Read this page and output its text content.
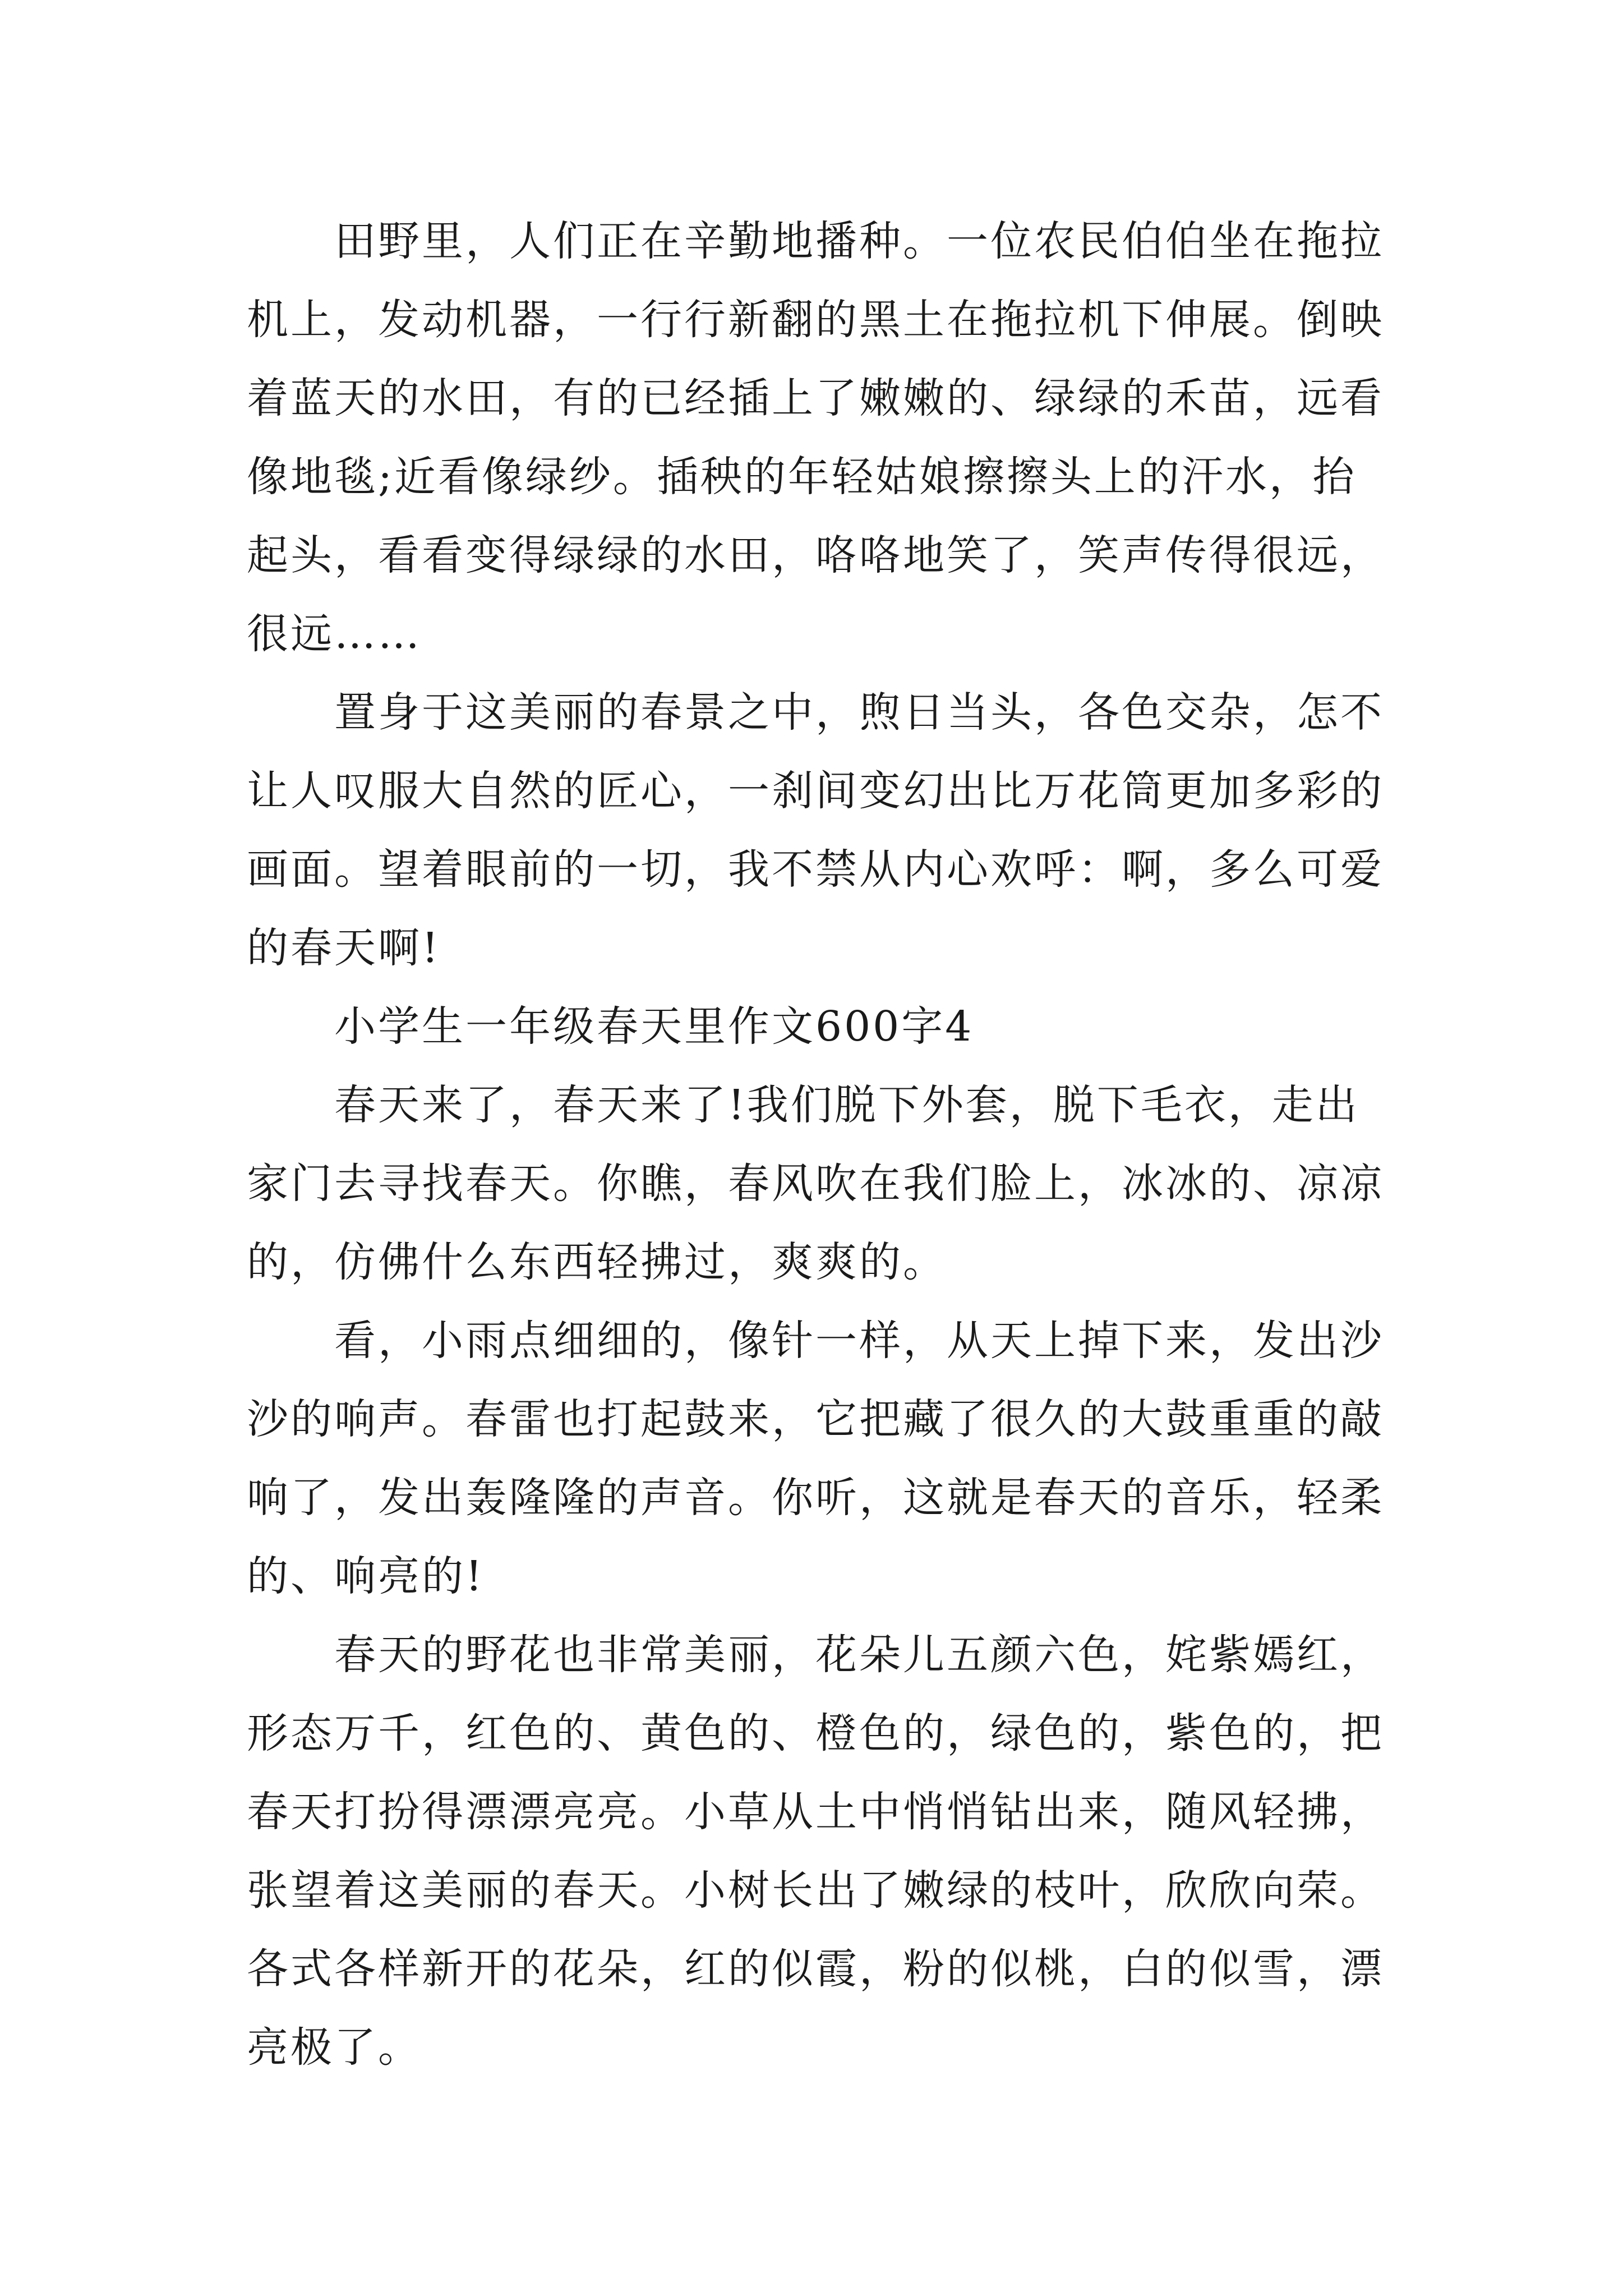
田野里，人们正在辛勤地播种。一位农民伯伯坐在拖拉
机上，发动机器，一行行新翻的黑土在拖拉机下伸展。倒映
着蓝天的水田，有的已经插上了嫩嫩的、绿绿的禾苗，远看
像地毯;近看像绿纱。插秧的年轻姑娘擦擦头上的汗水，抬
起头，看看变得绿绿的水田，咯咯地笑了，笑声传得很远，
很远……
置身于这美丽的春景之中，煦日当头，各色交杂，怎不
让人叹服大自然的匠心，一刹间变幻出比万花筒更加多彩的
画面。望着眼前的一切，我不禁从内心欢呼：啊，多么可爱
的春天啊!
小学生一年级春天里作文600字4
春天来了，春天来了!我们脱下外套，脱下毛衣，走出
家门去寻找春天。你瞧，春风吹在我们脸上，冰冰的、凉凉
的，仿佛什么东西轻拂过，爽爽的。
看，小雨点细细的，像针一样，从天上掉下来，发出沙
沙的响声。春雷也打起鼓来，它把藏了很久的大鼓重重的敲
响了，发出轰隆隆的声音。你听，这就是春天的音乐，轻柔
的、响亮的!
春天的野花也非常美丽，花朵儿五颜六色，姹紫嫣红，
形态万千，红色的、黄色的、橙色的，绿色的，紫色的，把
春天打扮得漂漂亮亮。小草从土中悄悄钻出来，随风轻拂，
张望着这美丽的春天。小树长出了嫩绿的枝叶，欣欣向荣。
各式各样新开的花朵，红的似霞，粉的似桃，白的似雪，漂
亮极了。
